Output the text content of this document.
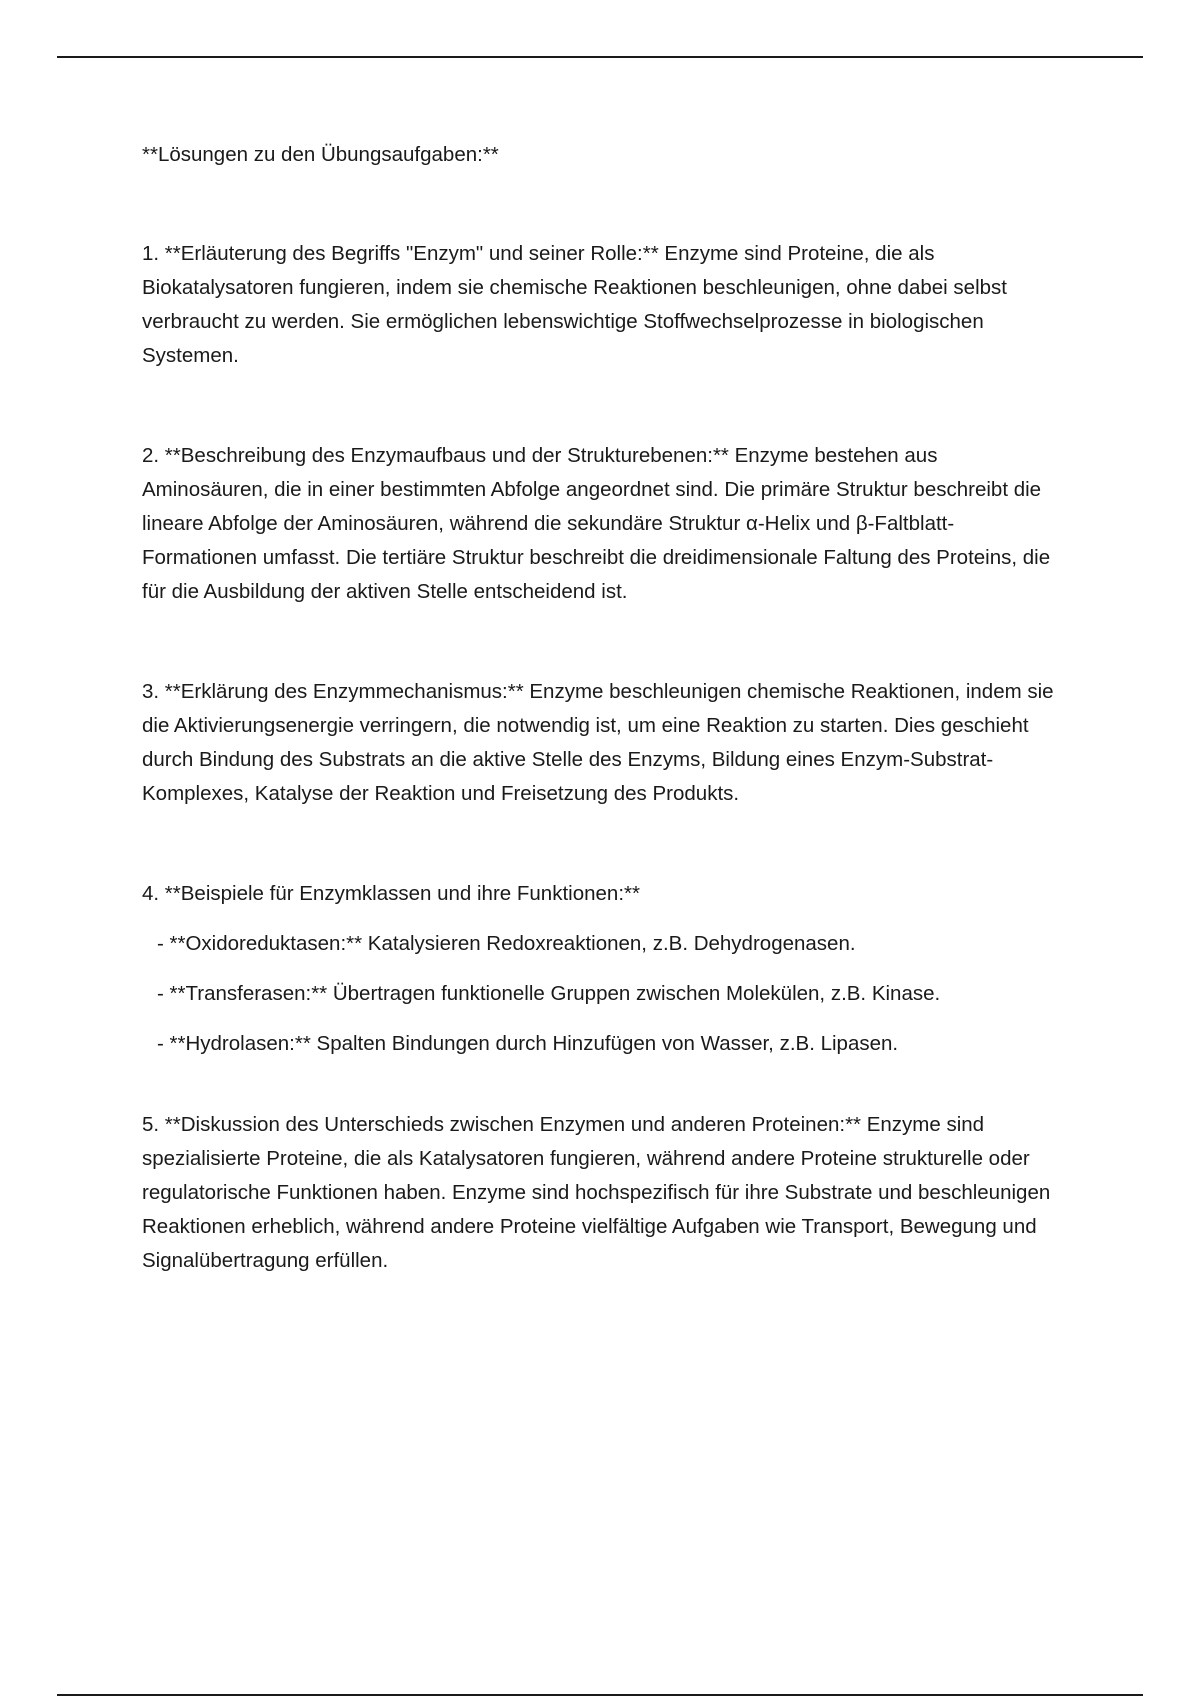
**Lösungen zu den Übungsaufgaben:**

1. **Erläuterung des Begriffs "Enzym" und seiner Rolle:** Enzyme sind Proteine, die als Biokatalysatoren fungieren, indem sie chemische Reaktionen beschleunigen, ohne dabei selbst verbraucht zu werden. Sie ermöglichen lebenswichtige Stoffwechselprozesse in biologischen Systemen.

2. **Beschreibung des Enzymaufbaus und der Strukturebenen:** Enzyme bestehen aus Aminosäuren, die in einer bestimmten Abfolge angeordnet sind. Die primäre Struktur beschreibt die lineare Abfolge der Aminosäuren, während die sekundäre Struktur α-Helix und β-Faltblatt-Formationen umfasst. Die tertiäre Struktur beschreibt die dreidimensionale Faltung des Proteins, die für die Ausbildung der aktiven Stelle entscheidend ist.

3. **Erklärung des Enzymmechanismus:** Enzyme beschleunigen chemische Reaktionen, indem sie die Aktivierungsenergie verringern, die notwendig ist, um eine Reaktion zu starten. Dies geschieht durch Bindung des Substrats an die aktive Stelle des Enzyms, Bildung eines Enzym-Substrat-Komplexes, Katalyse der Reaktion und Freisetzung des Produkts.

4. **Beispiele für Enzymklassen und ihre Funktionen:**

- **Oxidoreduktasen:** Katalysieren Redoxreaktionen, z.B. Dehydrogenasen.
- **Transferasen:** Übertragen funktionelle Gruppen zwischen Molekülen, z.B. Kinase.
- **Hydrolasen:** Spalten Bindungen durch Hinzufügen von Wasser, z.B. Lipasen.

5. **Diskussion des Unterschieds zwischen Enzymen und anderen Proteinen:** Enzyme sind spezialisierte Proteine, die als Katalysatoren fungieren, während andere Proteine strukturelle oder regulatorische Funktionen haben. Enzyme sind hochspezifisch für ihre Substrate und beschleunigen Reaktionen erheblich, während andere Proteine vielfältige Aufgaben wie Transport, Bewegung und Signalübertragung erfüllen.
